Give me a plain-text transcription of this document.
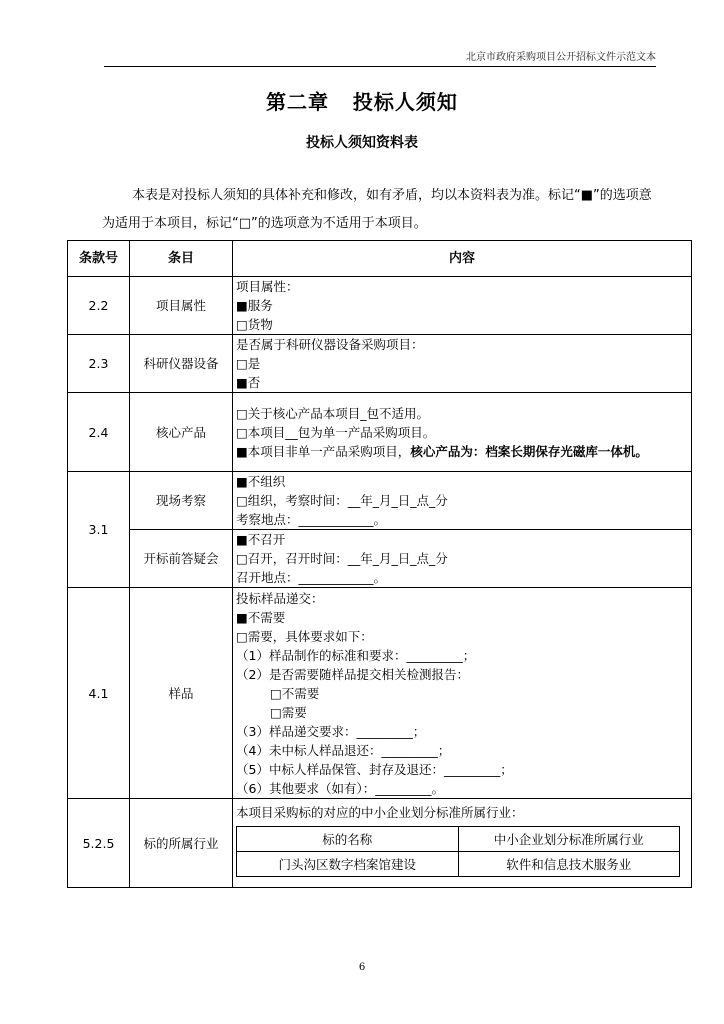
北京市政府采购项目公开招标文件示范文本
第二章   投标人须知
投标人须知资料表
本表是对投标人须知的具体补充和修改，如有矛盾，均以本资料表为准。标记“■”的选项意为适用于本项目，标记“□”的选项意为不适用于本项目。
条款号	条目	内容
2.2	项目属性	
项目属性：
■服务
□货物

2.3	科研仪器设备	
是否属于科研仪器设备采购项目：
□是
■否

2.4	核心产品	
□关于核心产品本项目_包不适用。
□本项目__包为单一产品采购项目。
■本项目非单一产品采购项目，核心产品为：档案长期保存光磁库一体机。

3.1	现场考察	
■不组织
□组织，考察时间：__年_月_日_点_分
考察地点：____________。

开标前答疑会	
■不召开
□召开，召开时间：__年_月_日_点_分
召开地点：____________。

4.1	样品	
投标样品递交：
■不需要
□需要，具体要求如下：
（1）样品制作的标准和要求：_________；
（2）是否需要随样品提交相关检测报告：
□不需要
□需要
（3）样品递交要求：_________；
（4）未中标人样品退还：_________；
（5）中标人样品保管、封存及退还：_________；
（6）其他要求（如有）：_________。

5.2.5	标的所属行业	
本项目采购标的对应的中小企业划分标准所属行业：
标的名称	中小企业划分标准所属行业
门头沟区数字档案馆建设	软件和信息技术服务业
6
